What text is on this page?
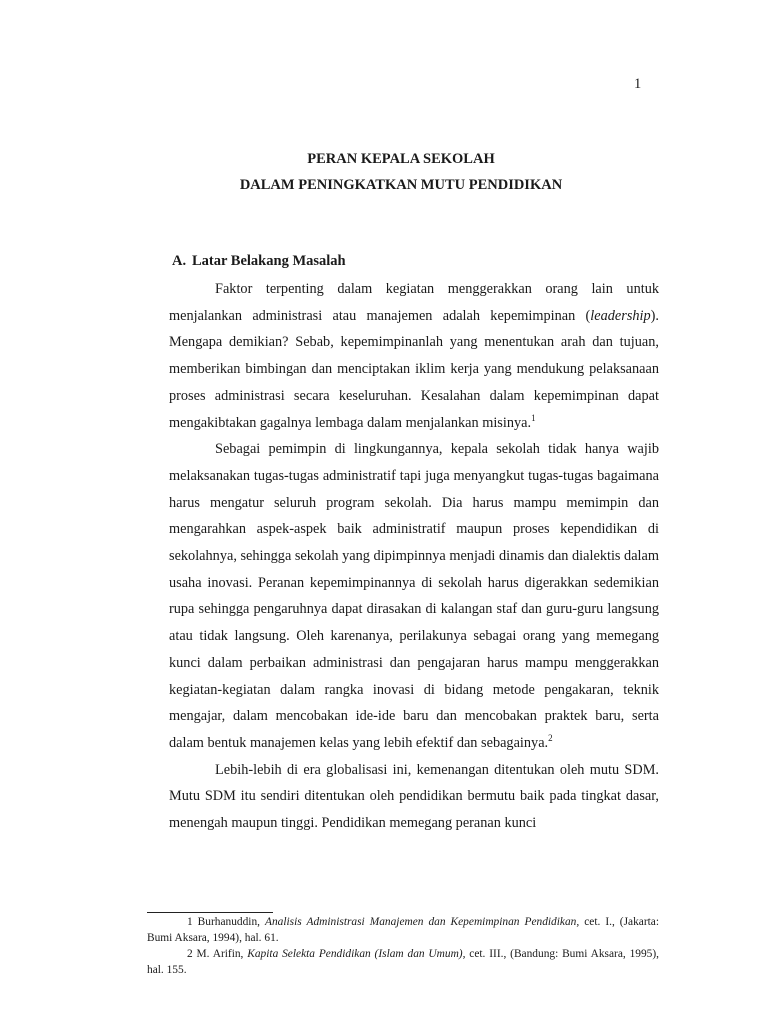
1
PERAN KEPALA SEKOLAH
DALAM PENINGKATKAN MUTU PENDIDIKAN
A. Latar Belakang Masalah

Faktor terpenting dalam kegiatan menggerakkan orang lain untuk menjalankan administrasi atau manajemen adalah kepemimpinan (leadership). Mengapa demikian? Sebab, kepemimpinanlah yang menentukan arah dan tujuan, memberikan bimbingan dan menciptakan iklim kerja yang mendukung pelaksanaan proses administrasi secara keseluruhan. Kesalahan dalam kepemimpinan dapat mengakibtakan gagalnya lembaga dalam menjalankan misinya.$^1$

Sebagai pemimpin di lingkungannya, kepala sekolah tidak hanya wajib melaksanakan tugas-tugas administratif tapi juga menyangkut tugas-tugas bagaimana harus mengatur seluruh program sekolah. Dia harus mampu memimpin dan mengarahkan aspek-aspek baik administratif maupun proses kependidikan di sekolahnya, sehingga sekolah yang dipimpinnya menjadi dinamis dan dialektis dalam usaha inovasi. Peranan kepemimpinannya di sekolah harus digerakkan sedemikian rupa sehingga pengaruhnya dapat dirasakan di kalangan staf dan guru-guru langsung atau tidak langsung. Oleh karenanya, perilakunya sebagai orang yang memegang kunci dalam perbaikan administrasi dan pengajaran harus mampu menggerakkan kegiatan-kegiatan dalam rangka inovasi di bidang metode pengakaran, teknik mengajar, dalam mencobakan ide-ide baru dan mencobakan praktek baru, serta dalam bentuk manajemen kelas yang lebih efektif dan sebagainya.$^2$

Lebih-lebih di era globalisasi ini, kemenangan ditentukan oleh mutu SDM. Mutu SDM itu sendiri ditentukan oleh pendidikan bermutu baik pada tingkat dasar, menengah maupun tinggi. Pendidikan memegang peranan kunci

1 Burhanuddin, Analisis Administrasi Manajemen dan Kepemimpinan Pendidikan, cet. I., (Jakarta: Bumi Aksara, 1994), hal. 61.

2 M. Arifin, Kapita Selekta Pendidikan (Islam dan Umum), cet. III., (Bandung: Bumi Aksara, 1995), hal. 155.
